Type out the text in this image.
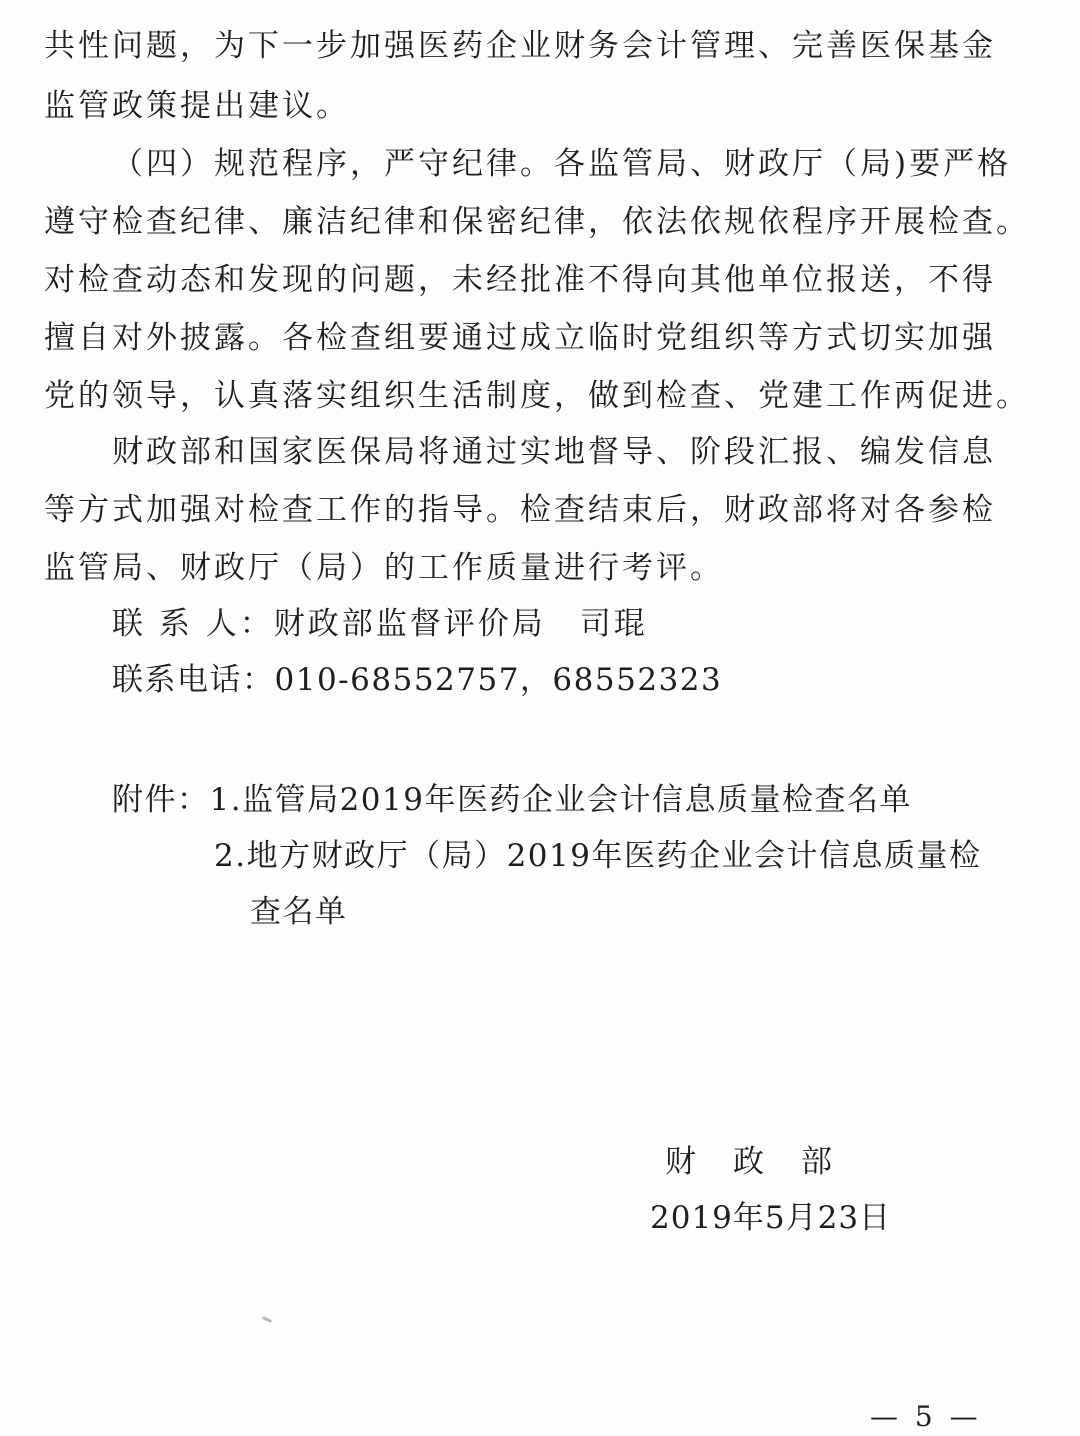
共性问题，为下一步加强医药企业财务会计管理、完善医保基金
监管政策提出建议。
（四）规范程序，严守纪律。各监管局、财政厅（局)要严格
遵守检查纪律、廉洁纪律和保密纪律，依法依规依程序开展检查。
对检查动态和发现的问题，未经批准不得向其他单位报送，不得
擅自对外披露。各检查组要通过成立临时党组织等方式切实加强
党的领导，认真落实组织生活制度，做到检查、党建工作两促进。
财政部和国家医保局将通过实地督导、阶段汇报、编发信息
等方式加强对检查工作的指导。检查结束后，财政部将对各参检
监管局、财政厅（局）的工作质量进行考评。
联 系 人：财政部监督评价局　司琨
联系电话：010-68552757，68552323
附件：1.监管局2019年医药企业会计信息质量检查名单
2.地方财政厅（局）2019年医药企业会计信息质量检
查名单
财　政　部
2019年5月23日
— 5 —
